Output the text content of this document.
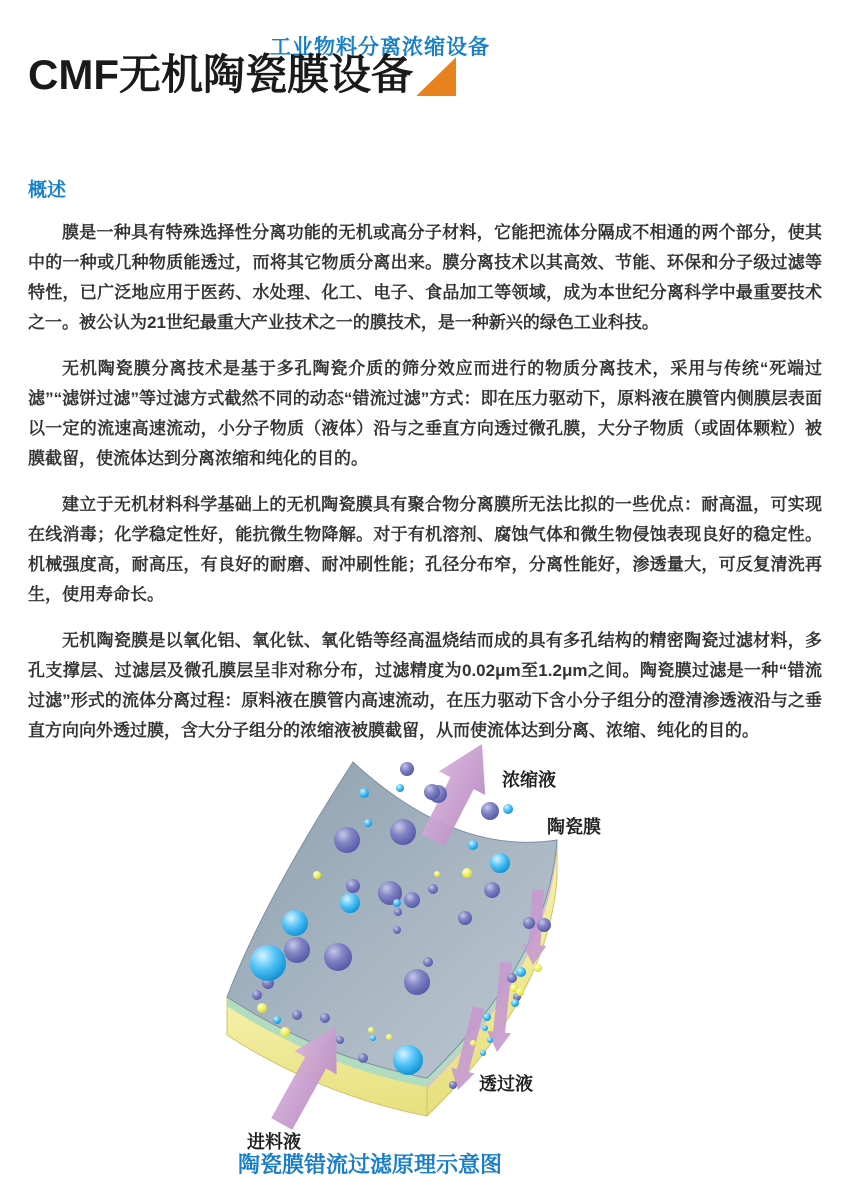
工业物料分离浓缩设备
CMF无机陶瓷膜设备
概述

膜是一种具有特殊选择性分离功能的无机或高分子材料，它能把流体分隔成不相通的两个部分，使其中的一种或几种物质能透过，而将其它物质分离出来。膜分离技术以其高效、节能、环保和分子级过滤等特性，已广泛地应用于医药、水处理、化工、电子、食品加工等领域，成为本世纪分离科学中最重要技术之一。被公认为21世纪最重大产业技术之一的膜技术，是一种新兴的绿色工业科技。

无机陶瓷膜分离技术是基于多孔陶瓷介质的筛分效应而进行的物质分离技术，采用与传统“死端过滤”“滤饼过滤”等过滤方式截然不同的动态“错流过滤”方式：即在压力驱动下，原料液在膜管内侧膜层表面以一定的流速高速流动，小分子物质（液体）沿与之垂直方向透过微孔膜，大分子物质（或固体颗粒）被膜截留，使流体达到分离浓缩和纯化的目的。

建立于无机材料科学基础上的无机陶瓷膜具有聚合物分离膜所无法比拟的一些优点：耐高温，可实现在线消毒；化学稳定性好，能抗微生物降解。对于有机溶剂、腐蚀气体和微生物侵蚀表现良好的稳定性。机械强度高，耐高压，有良好的耐磨、耐冲刷性能；孔径分布窄，分离性能好，渗透量大，可反复清洗再生，使用寿命长。

无机陶瓷膜是以氧化铝、氧化钛、氧化锆等经高温烧结而成的具有多孔结构的精密陶瓷过滤材料，多孔支撑层、过滤层及微孔膜层呈非对称分布，过滤精度为0.02μm至1.2μm之间。陶瓷膜过滤是一种“错流过滤”形式的流体分离过程：原料液在膜管内高速流动，在压力驱动下含小分子组分的澄清渗透液沿与之垂直方向向外透过膜，含大分子组分的浓缩液被膜截留，从而使流体达到分离、浓缩、纯化的目的。

浓缩液
陶瓷膜
透过液
进料液
陶瓷膜错流过滤原理示意图
